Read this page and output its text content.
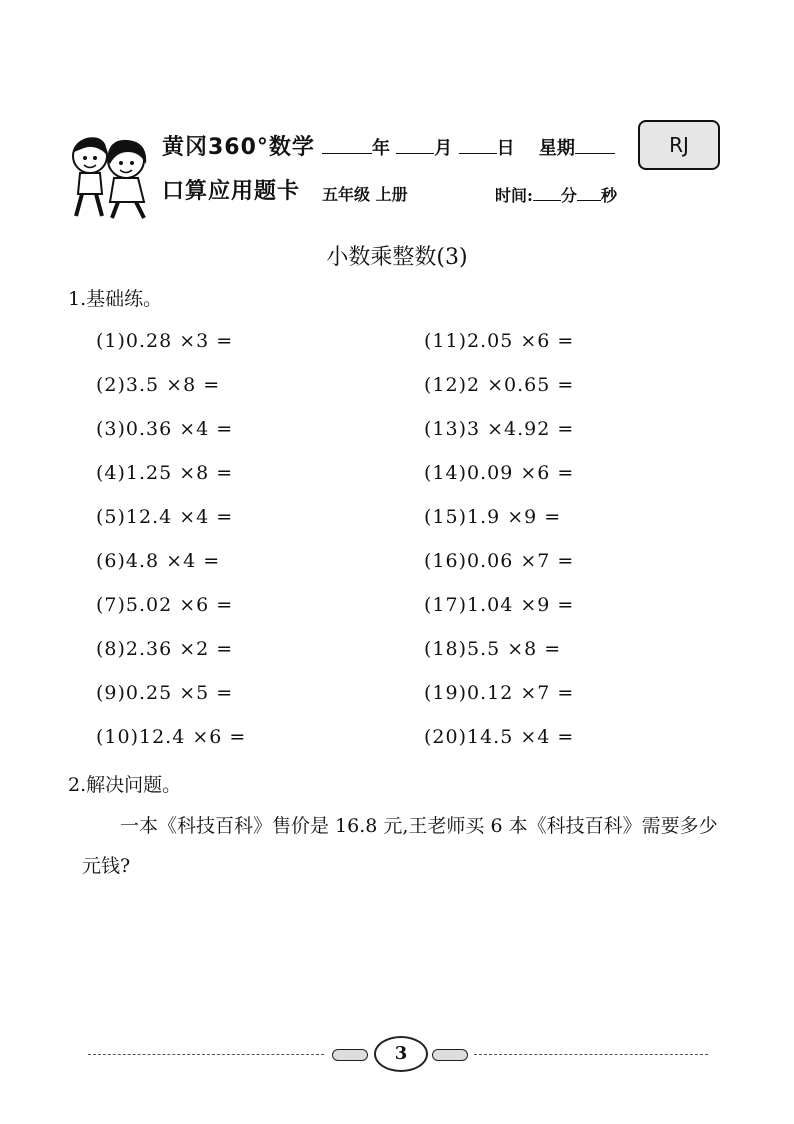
黄冈360°数学
口算应用题卡
年 月 日 星期	RJ
五年级 上册	时间: 分 秒
小数乘整数(3)
1.基础练。
(1)0.28 ×3 =
(2)3.5 ×8 =
(3)0.36 ×4 =
(4)1.25 ×8 =
(5)12.4 ×4 =
(6)4.8 ×4 =
(7)5.02 ×6 =
(8)2.36 ×2 =
(9)0.25 ×5 =
(10)12.4 ×6 =
(11)2.05 ×6 =
(12)2 ×0.65 =
(13)3 ×4.92 =
(14)0.09 ×6 =
(15)1.9 ×9 =
(16)0.06 ×7 =
(17)1.04 ×9 =
(18)5.5 ×8 =
(19)0.12 ×7 =
(20)14.5 ×4 =
2.解决问题。
一本《科技百科》售价是 16.8 元,王老师买 6 本《科技百科》需要多少元钱?
3
